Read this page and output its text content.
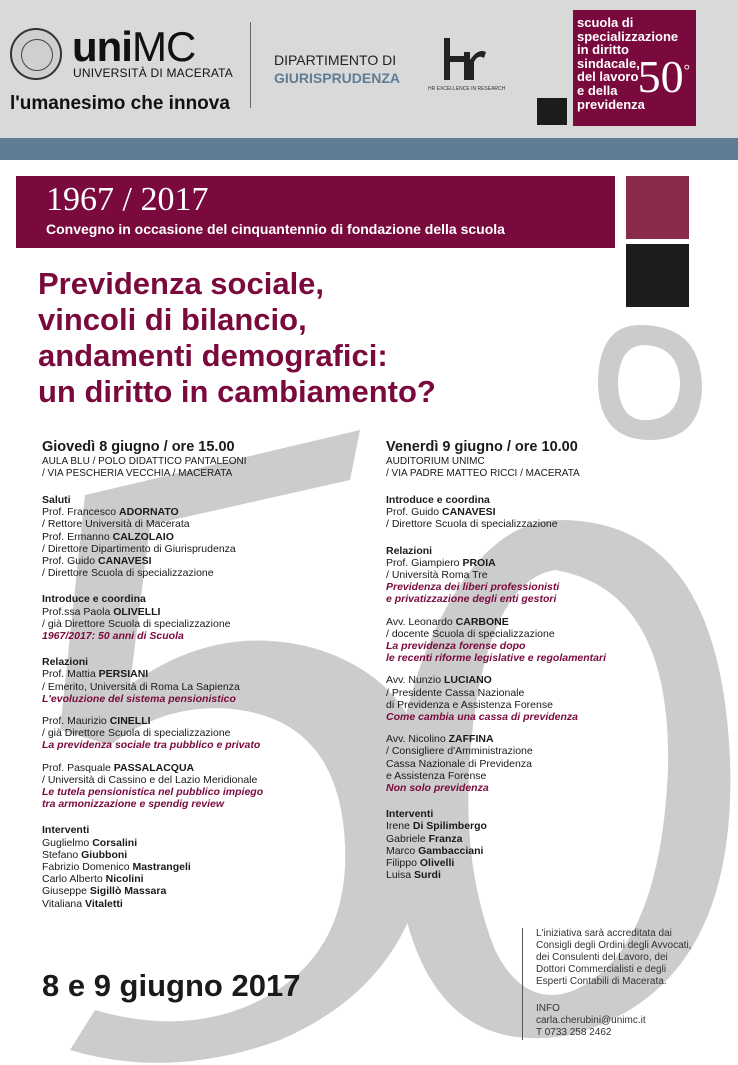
uniMC
UNIVERSITÀ DI MACERATA
l'umanesimo che innova
DIPARTIMENTO DI
GIURISPRUDENZA
HR EXCELLENCE IN RESEARCH
scuola di
specializzazione
in diritto
sindacale,
del lavoro
e della
previdenza
50°
1967 / 2017
Convegno in occasione del cinquantennio di fondazione della scuola
Previdenza sociale,
vincoli di bilancio,
andamenti demografici:
un diritto in cambiamento?
Giovedì 8 giugno / ore 15.00
AULA BLU / POLO DIDATTICO PANTALEONI
/ VIA PESCHERIA VECCHIA / MACERATA
Saluti
Prof. Francesco ADORNATO
/ Rettore Università di Macerata
Prof. Ermanno CALZOLAIO
/ Direttore Dipartimento di Giurisprudenza
Prof. Guido CANAVESI
/ Direttore Scuola di specializzazione
Introduce e coordina
Prof.ssa Paola OLIVELLI
/ già Direttore Scuola di specializzazione
1967/2017: 50 anni di Scuola
Relazioni
Prof. Mattia PERSIANI
/ Emerito, Università di Roma La Sapienza
L'evoluzione del sistema pensionistico
Prof. Maurizio CINELLI
/ già Direttore Scuola di specializzazione
La previdenza sociale tra pubblico e privato
Prof. Pasquale PASSALACQUA
/ Università di Cassino e del Lazio Meridionale
Le tutela pensionistica nel pubblico impiego
tra armonizzazione e spendig review
Interventi
Guglielmo Corsalini
Stefano Giubboni
Fabrizio Domenico Mastrangeli
Carlo Alberto Nicolini
Giuseppe Sigillò Massara
Vitaliana Vitaletti
Venerdì 9 giugno / ore 10.00
AUDITORIUM UNIMC
/ VIA PADRE MATTEO RICCI / MACERATA
Introduce e coordina
Prof. Guido CANAVESI
/ Direttore Scuola di specializzazione
Relazioni
Prof. Giampiero PROIA
/ Università Roma Tre
Previdenza dei liberi professionisti
e privatizzazione degli enti gestori
Avv. Leonardo CARBONE
/ docente Scuola di specializzazione
La previdenza forense dopo
le recenti riforme legislative e regolamentari
Avv. Nunzio LUCIANO
/ Presidente Cassa Nazionale
di Previdenza e Assistenza Forense
Come cambia una cassa di previdenza
Avv. Nicolino ZAFFINA
/ Consigliere d'Amministrazione
Cassa Nazionale di Previdenza
e Assistenza Forense
Non solo previdenza
Interventi
Irene Di Spilimbergo
Gabriele Franza
Marco Gambacciani
Filippo Olivelli
Luisa Surdi
8 e 9 giugno 2017
L'iniziativa sarà accreditata dai
Consigli degli Ordini degli Avvocati,
dei Consulenti del Lavoro, dei
Dottori Commercialisti e degli
Esperti Contabili di Macerata.
INFO
carla.cherubini@unimc.it
T 0733 258 2462
